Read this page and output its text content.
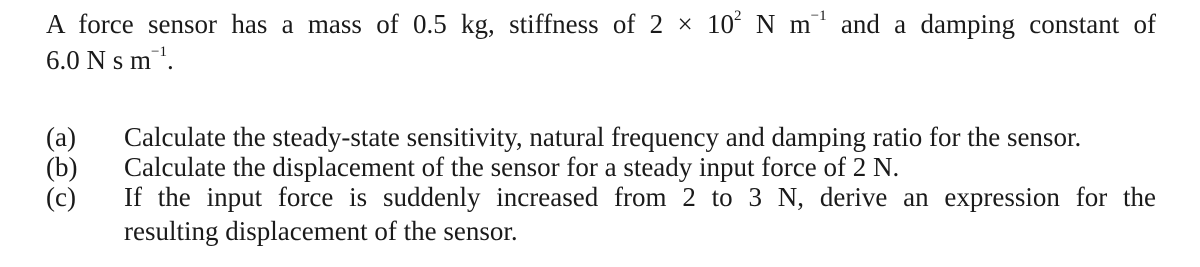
A force sensor has a mass of 0.5 kg, stiffness of $2 \times 10^2$ N $m^{-1}$ and a damping constant of
6.0 N s $m^{-1}$.
(a)	Calculate the steady-state sensitivity, natural frequency and damping ratio for the sensor.
(b)	Calculate the displacement of the sensor for a steady input force of 2 N.
(c)	If the input force is suddenly increased from 2 to 3 N, derive an expression for the
resulting displacement of the sensor.
